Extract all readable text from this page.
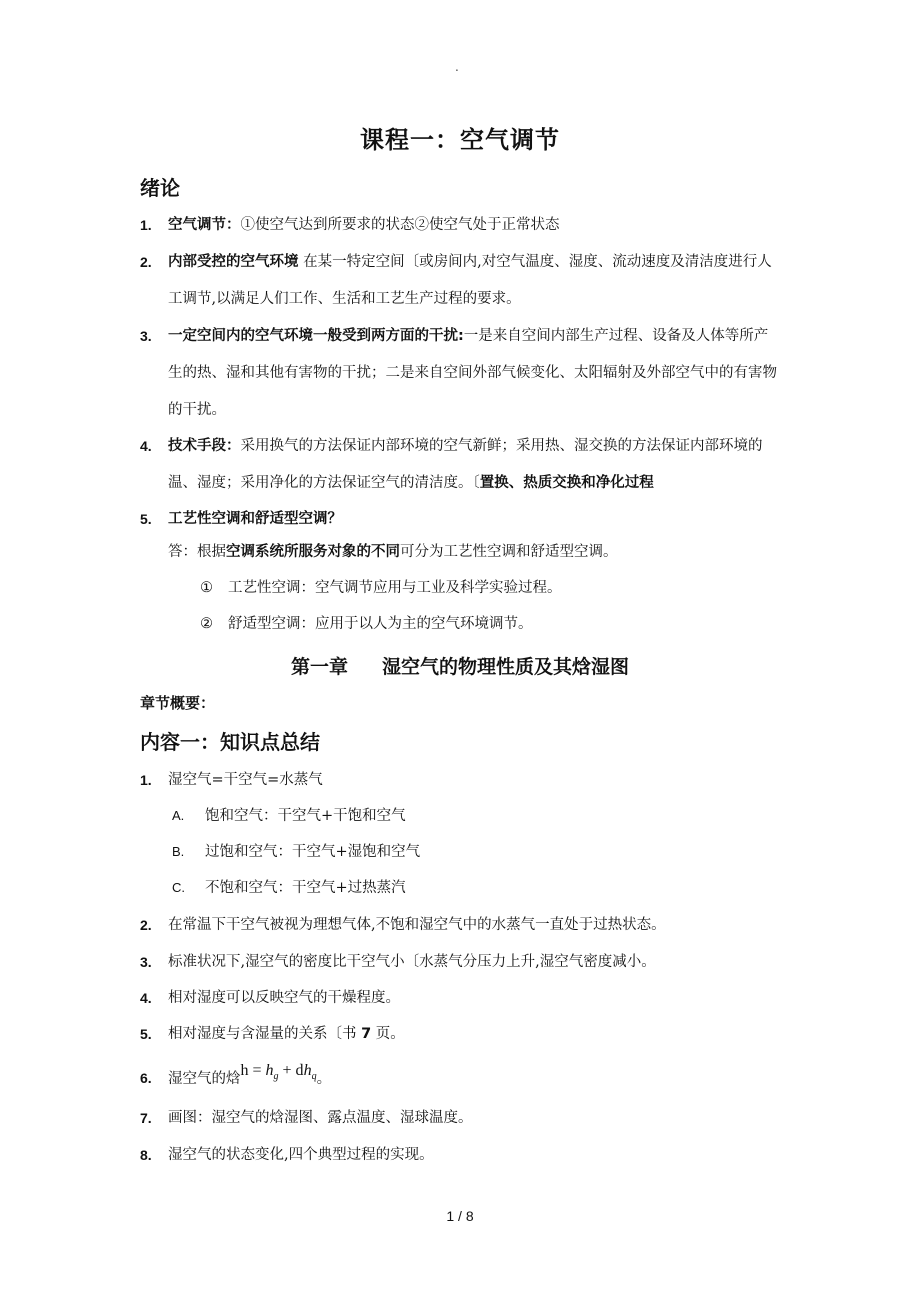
.
课程一：空气调节
绪论
1. 空气调节：①使空气达到所要求的状态②使空气处于正常状态
2. 内部受控的空气环境 在某一特定空间〔或房间内,对空气温度、湿度、流动速度及清洁度进行人工调节,以满足人们工作、生活和工艺生产过程的要求。
3. 一定空间内的空气环境一般受到两方面的干扰:一是来自空间内部生产过程、设备及人体等所产生的热、湿和其他有害物的干扰；二是来自空间外部气候变化、太阳辐射及外部空气中的有害物的干扰。
4. 技术手段：采用换气的方法保证内部环境的空气新鲜；采用热、湿交换的方法保证内部环境的温、湿度；采用净化的方法保证空气的清洁度。〔置换、热质交换和净化过程
5. 工艺性空调和舒适型空调？
答：根据空调系统所服务对象的不同可分为工艺性空调和舒适型空调。
① 工艺性空调：空气调节应用与工业及科学实验过程。
② 舒适型空调：应用于以人为主的空气环境调节。
第一章 湿空气的物理性质及其焓湿图
章节概要：
内容一：知识点总结
1. 湿空气=干空气=水蒸气
A. 饱和空气：干空气+干饱和空气
B. 过饱和空气：干空气+湿饱和空气
C. 不饱和空气：干空气+过热蒸汽
2. 在常温下干空气被视为理想气体,不饱和湿空气中的水蒸气一直处于过热状态。
3. 标准状况下,湿空气的密度比干空气小〔水蒸气分压力上升,湿空气密度减小。
4. 相对湿度可以反映空气的干燥程度。
5. 相对湿度与含湿量的关系〔书 7 页。
6. 湿空气的焓$h = h_g + dh_q$。
7. 画图：湿空气的焓湿图、露点温度、湿球温度。
8. 湿空气的状态变化,四个典型过程的实现。
1 / 8
